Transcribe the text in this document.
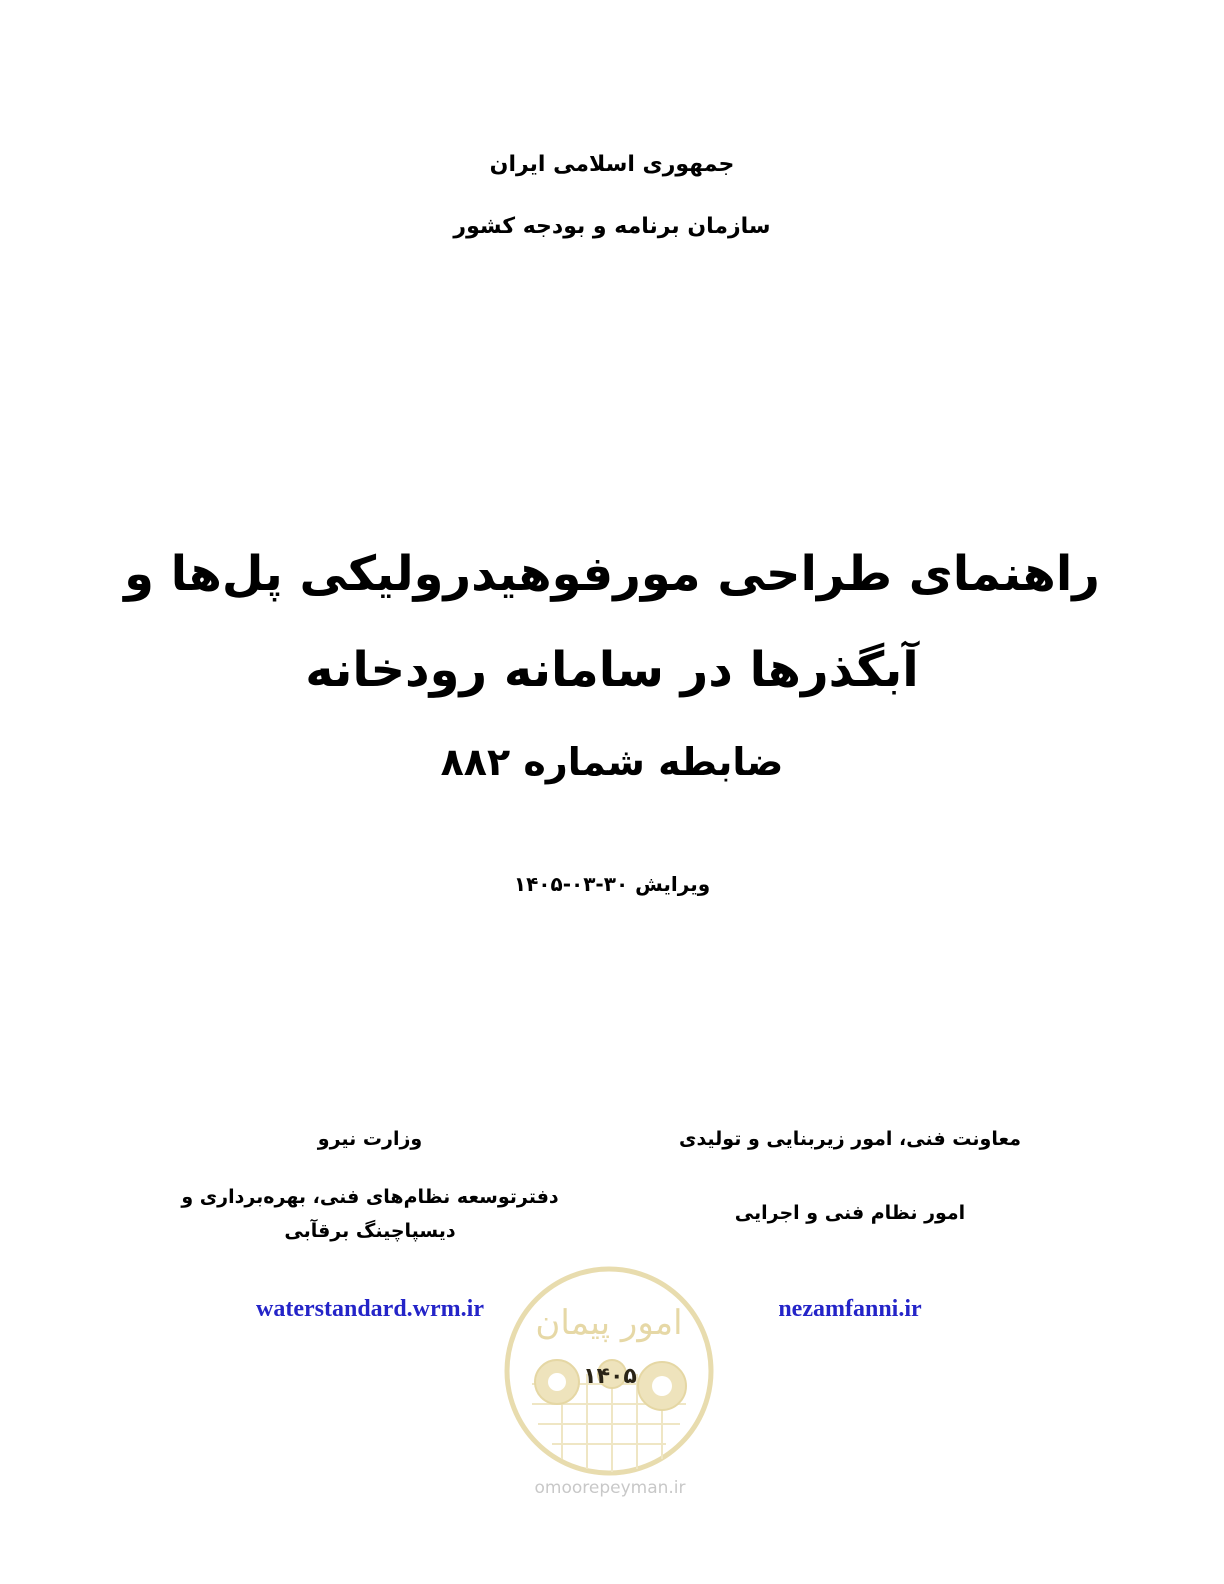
جمهوری اسلامی ایران
سازمان برنامه و بودجه کشور
راهنمای طراحی مورفوهیدرولیکی پل‌ها و
آبگذرها در سامانه رودخانه
ضابطه شماره ۸۸۲
ویرایش ۳۰-۰۳-۱۴۰۵
معاونت فنی، امور زیربنایی و تولیدی
امور نظام فنی و اجرایی
وزارت نیرو
دفترتوسعه نظام‌های فنی، بهره‌برداری و دیسپاچینگ برقآبی
امور پیمان
۱۴۰۵
omoorepeyman.ir
waterstandard.wrm.ir	nezamfanni.ir
